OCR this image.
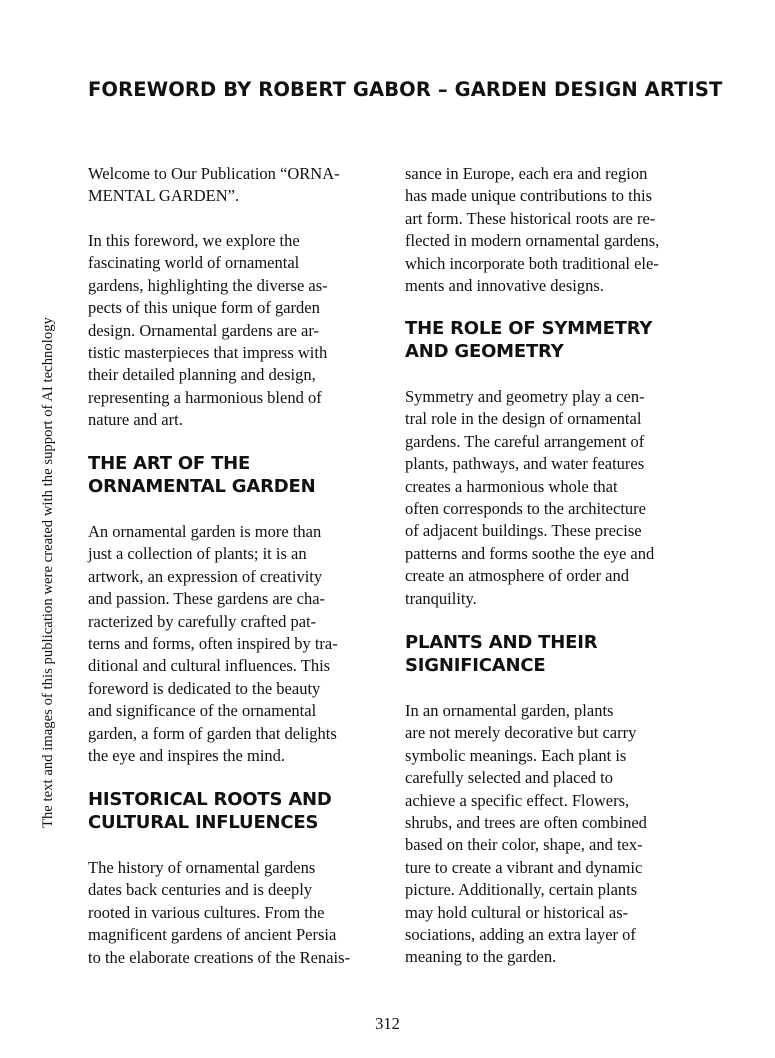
FOREWORD BY ROBERT GABOR – GARDEN DESIGN ARTIST
The text and images of this publication were created with the support of AI technology

Welcome to Our Publication “ORNA-
MENTAL GARDEN”.

In this foreword, we explore the
fascinating world of ornamental
gardens, highlighting the diverse as-
pects of this unique form of garden
design. Ornamental gardens are ar-
tistic masterpieces that impress with
their detailed planning and design,
representing a harmonious blend of
nature and art.

THE ART OF THE
ORNAMENTAL GARDEN

An ornamental garden is more than
just a collection of plants; it is an
artwork, an expression of creativity
and passion. These gardens are cha-
racterized by carefully crafted pat-
terns and forms, often inspired by tra-
ditional and cultural influences. This
foreword is dedicated to the beauty
and significance of the ornamental
garden, a form of garden that delights
the eye and inspires the mind.

HISTORICAL ROOTS AND
CULTURAL INFLUENCES

The history of ornamental gardens
dates back centuries and is deeply
rooted in various cultures. From the
magnificent gardens of ancient Persia
to the elaborate creations of the Renais-

sance in Europe, each era and region
has made unique contributions to this
art form. These historical roots are re-
flected in modern ornamental gardens,
which incorporate both traditional ele-
ments and innovative designs.

THE ROLE OF SYMMETRY
AND GEOMETRY

Symmetry and geometry play a cen-
tral role in the design of ornamental
gardens. The careful arrangement of
plants, pathways, and water features
creates a harmonious whole that
often corresponds to the architecture
of adjacent buildings. These precise
patterns and forms soothe the eye and
create an atmosphere of order and
tranquility.

PLANTS AND THEIR
SIGNIFICANCE

In an ornamental garden, plants
are not merely decorative but carry
symbolic meanings. Each plant is
carefully selected and placed to
achieve a specific effect. Flowers,
shrubs, and trees are often combined
based on their color, shape, and tex-
ture to create a vibrant and dynamic
picture. Additionally, certain plants
may hold cultural or historical as-
sociations, adding an extra layer of
meaning to the garden.

312
